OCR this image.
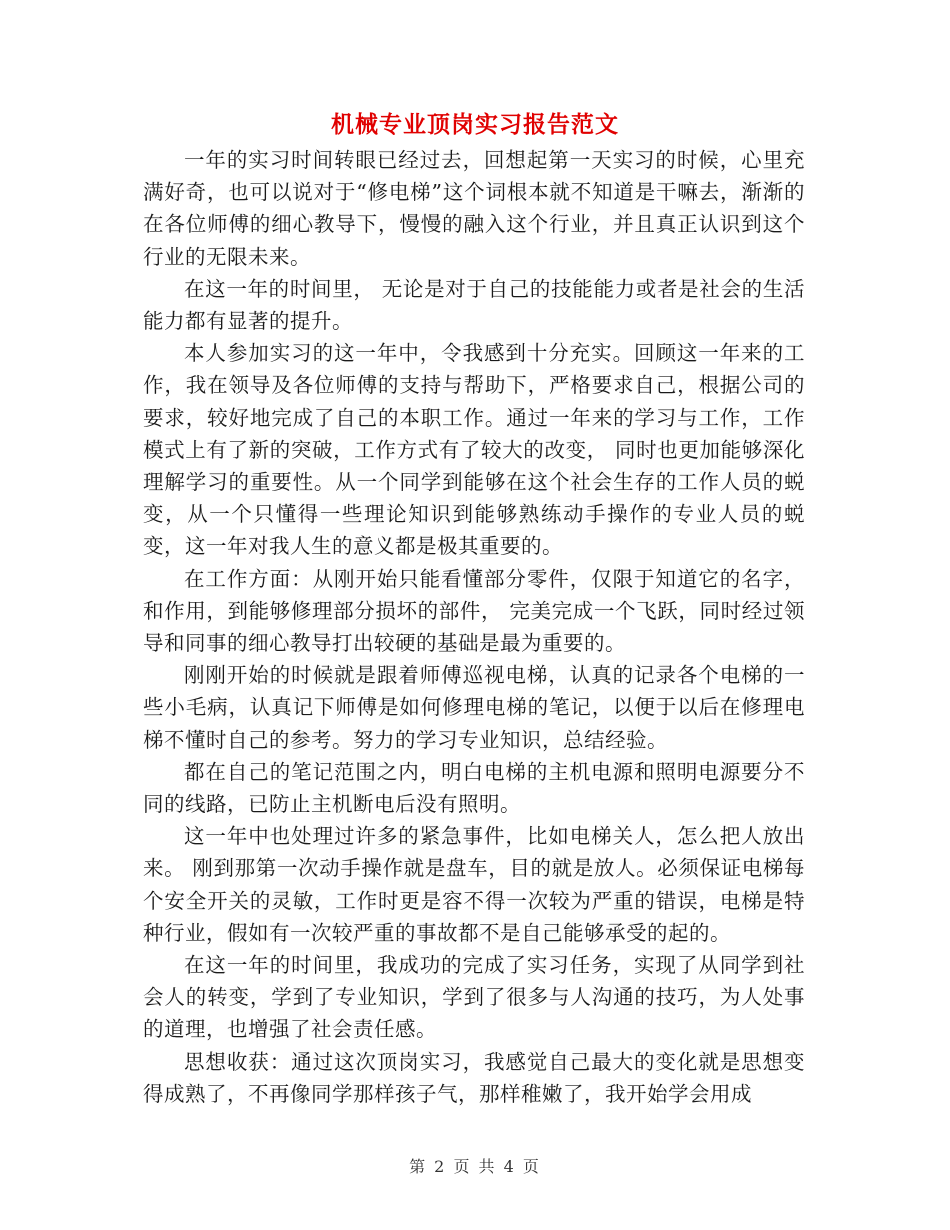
机械专业顶岗实习报告范文

一年的实习时间转眼已经过去，回想起第一天实习的时候，心里充满好奇，也可以说对于“修电梯”这个词根本就不知道是干嘛去，渐渐的在各位师傅的细心教导下，慢慢的融入这个行业，并且真正认识到这个行业的无限未来。

在这一年的时间里， 无论是对于自己的技能能力或者是社会的生活能力都有显著的提升。

本人参加实习的这一年中，令我感到十分充实。回顾这一年来的工作，我在领导及各位师傅的支持与帮助下，严格要求自己，根据公司的要求，较好地完成了自己的本职工作。通过一年来的学习与工作，工作模式上有了新的突破，工作方式有了较大的改变， 同时也更加能够深化理解学习的重要性。从一个同学到能够在这个社会生存的工作人员的蜕变，从一个只懂得一些理论知识到能够熟练动手操作的专业人员的蜕变，这一年对我人生的意义都是极其重要的。

在工作方面：从刚开始只能看懂部分零件，仅限于知道它的名字，和作用，到能够修理部分损坏的部件， 完美完成一个飞跃，同时经过领导和同事的细心教导打出较硬的基础是最为重要的。

刚刚开始的时候就是跟着师傅巡视电梯，认真的记录各个电梯的一些小毛病，认真记下师傅是如何修理电梯的笔记，以便于以后在修理电梯不懂时自己的参考。努力的学习专业知识，总结经验。

都在自己的笔记范围之内，明白电梯的主机电源和照明电源要分不同的线路，已防止主机断电后没有照明。

这一年中也处理过许多的紧急事件，比如电梯关人，怎么把人放出来。 刚到那第一次动手操作就是盘车，目的就是放人。必须保证电梯每个安全开关的灵敏，工作时更是容不得一次较为严重的错误，电梯是特种行业，假如有一次较严重的事故都不是自己能够承受的起的。

在这一年的时间里，我成功的完成了实习任务，实现了从同学到社会人的转变，学到了专业知识，学到了很多与人沟通的技巧，为人处事的道理，也增强了社会责任感。

思想收获：通过这次顶岗实习，我感觉自己最大的变化就是思想变得成熟了，不再像同学那样孩子气，那样稚嫩了，我开始学会用成

第 2 页 共 4 页
